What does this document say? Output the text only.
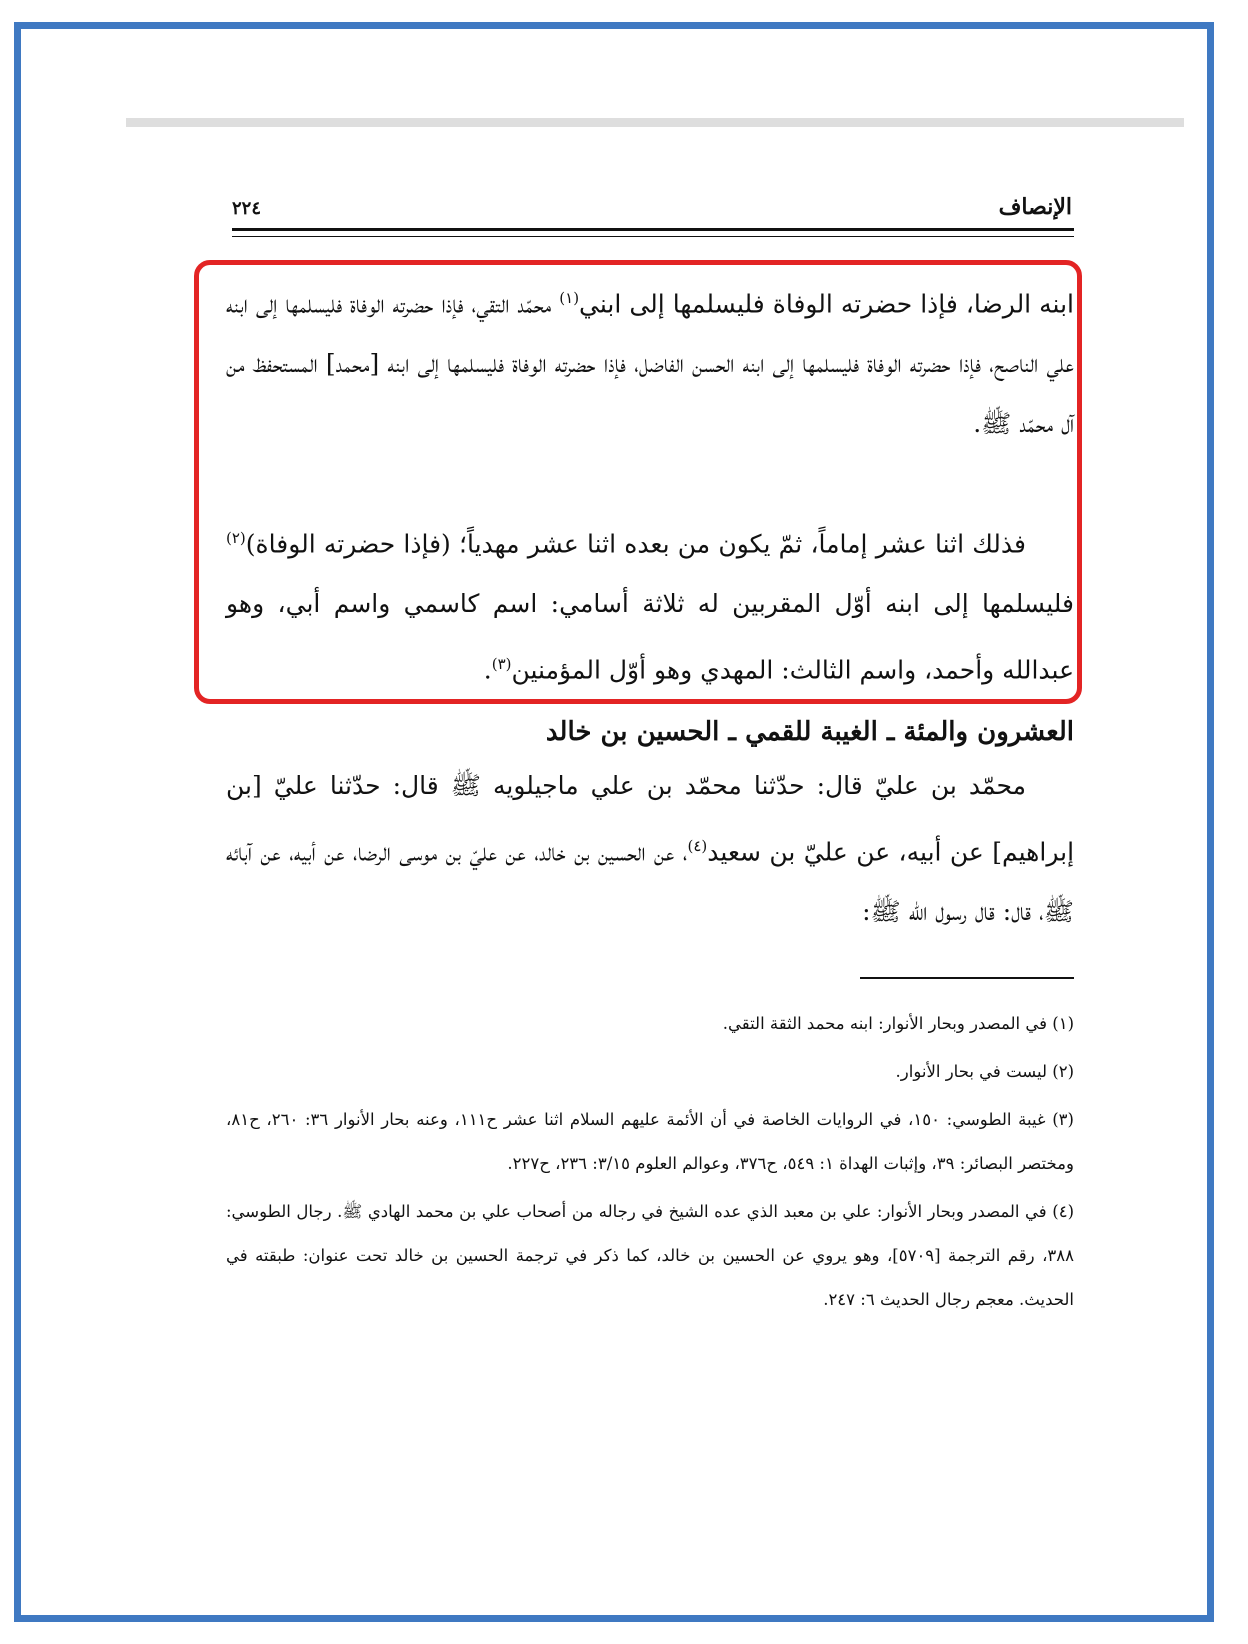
الإنصاف
٢٢٤

ابنه الرضا، فإذا حضرته الوفاة فليسلمها إلى ابني$^{(١)}$ محمّد التقي، فإذا حضرته الوفاة فليسلمها إلى ابنه علي الناصح، فإذا حضرته الوفاة فليسلمها إلى ابنه الحسن الفاضل، فإذا حضرته الوفاة فليسلمها إلى ابنه [محمد] المستحفظ من آل محمّد ﷺ.

فذلك اثنا عشر إماماً، ثمّ يكون من بعده اثنا عشر مهدياً؛ (فإذا حضرته الوفاة)$^{(٢)}$ فليسلمها إلى ابنه أوّل المقربين له ثلاثة أسامي: اسم كاسمي واسم أبي، وهو عبدالله وأحمد، واسم الثالث: المهدي وهو أوّل المؤمنين$^{(٣)}$.

العشرون والمئة ـ الغيبة للقمي ـ الحسين بن خالد

محمّد بن عليّ قال: حدّثنا محمّد بن علي ماجيلويه ﷺ قال: حدّثنا عليّ [بن إبراهيم] عن أبيه، عن عليّ بن سعيد$^{(٤)}$، عن الحسين بن خالد، عن عليّ بن موسى الرضا، عن أبيه، عن آبائه ﷺ، قال: قال رسول الله ﷺ:

(١) في المصدر وبحار الأنوار: ابنه محمد الثقة التقي.

(٢) ليست في بحار الأنوار.

(٣) غيبة الطوسي: ١٥٠، في الروايات الخاصة في أن الأئمة عليهم السلام اثنا عشر ح١١١، وعنه بحار الأنوار ٣٦: ٢٦٠، ح٨١، ومختصر البصائر: ٣٩، وإثبات الهداة ١: ٥٤٩، ح٣٧٦، وعوالم العلوم ٣/١٥: ٢٣٦، ح٢٢٧.

(٤) في المصدر وبحار الأنوار: علي بن معبد الذي عده الشيخ في رجاله من أصحاب علي بن محمد الهادي ﷺ. رجال الطوسي: ٣٨٨، رقم الترجمة [٥٧٠٩]، وهو يروي عن الحسين بن خالد، كما ذكر في ترجمة الحسين بن خالد تحت عنوان: طبقته في الحديث. معجم رجال الحديث ٦: ٢٤٧.
